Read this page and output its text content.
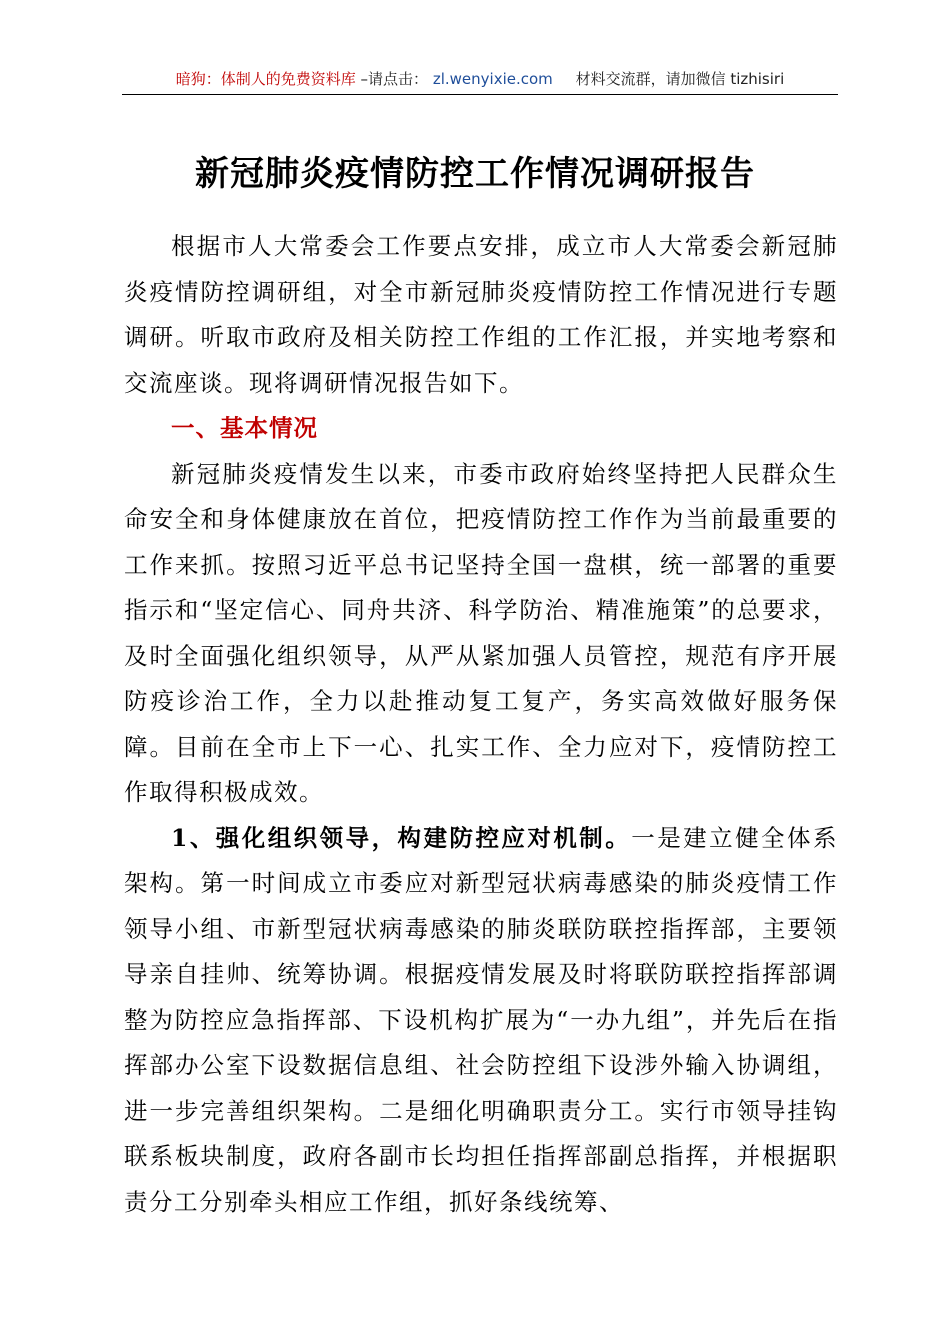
暗狗：体制人的免费资料库 –请点击： zl.wenyixie.com 材料交流群，请加微信 tizhisiri
新冠肺炎疫情防控工作情况调研报告

根据市人大常委会工作要点安排，成立市人大常委会新冠肺炎疫情防控调研组，对全市新冠肺炎疫情防控工作情况进行专题调研。听取市政府及相关防控工作组的工作汇报，并实地考察和交流座谈。现将调研情况报告如下。

一、基本情况

新冠肺炎疫情发生以来，市委市政府始终坚持把人民群众生命安全和身体健康放在首位，把疫情防控工作作为当前最重要的工作来抓。按照习近平总书记坚持全国一盘棋，统一部署的重要指示和“坚定信心、同舟共济、科学防治、精准施策”的总要求，及时全面强化组织领导，从严从紧加强人员管控，规范有序开展防疫诊治工作，全力以赴推动复工复产，务实高效做好服务保障。目前在全市上下一心、扎实工作、全力应对下，疫情防控工作取得积极成效。

1、强化组织领导，构建防控应对机制。一是建立健全体系架构。第一时间成立市委应对新型冠状病毒感染的肺炎疫情工作领导小组、市新型冠状病毒感染的肺炎联防联控指挥部，主要领导亲自挂帅、统筹协调。根据疫情发展及时将联防联控指挥部调整为防控应急指挥部、下设机构扩展为“一办九组”，并先后在指挥部办公室下设数据信息组、社会防控组下设涉外输入协调组，进一步完善组织架构。二是细化明确职责分工。实行市领导挂钩联系板块制度，政府各副市长均担任指挥部副总指挥，并根据职责分工分别牵头相应工作组，抓好条线统筹、
